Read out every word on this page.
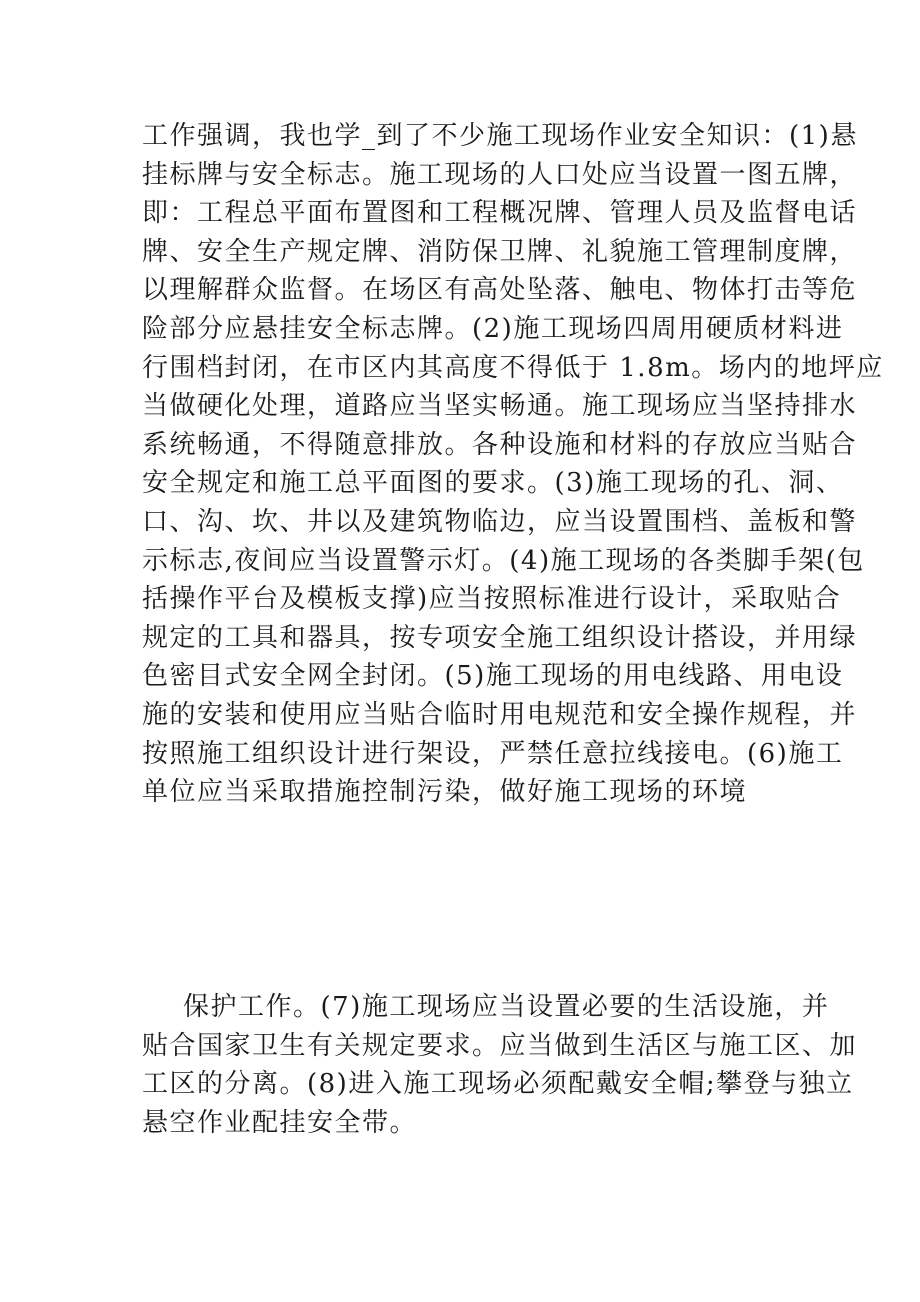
工作强调，我也学_到了不少施工现场作业安全知识：(1)悬
挂标牌与安全标志。施工现场的人口处应当设置一图五牌，
即：工程总平面布置图和工程概况牌、管理人员及监督电话
牌、安全生产规定牌、消防保卫牌、礼貌施工管理制度牌，
以理解群众监督。在场区有高处坠落、触电、物体打击等危
险部分应悬挂安全标志牌。(2)施工现场四周用硬质材料进
行围档封闭，在市区内其高度不得低于 1.8m。场内的地坪应
当做硬化处理，道路应当坚实畅通。施工现场应当坚持排水
系统畅通，不得随意排放。各种设施和材料的存放应当贴合
安全规定和施工总平面图的要求。(3)施工现场的孔、洞、
口、沟、坎、井以及建筑物临边，应当设置围档、盖板和警
示标志,夜间应当设置警示灯。(4)施工现场的各类脚手架(包
括操作平台及模板支撑)应当按照标准进行设计，采取贴合
规定的工具和器具，按专项安全施工组织设计搭设，并用绿
色密目式安全网全封闭。(5)施工现场的用电线路、用电设
施的安装和使用应当贴合临时用电规范和安全操作规程，并
按照施工组织设计进行架设，严禁任意拉线接电。(6)施工
单位应当采取措施控制污染，做好施工现场的环境
保护工作。(7)施工现场应当设置必要的生活设施，并
贴合国家卫生有关规定要求。应当做到生活区与施工区、加
工区的分离。(8)进入施工现场必须配戴安全帽;攀登与独立
悬空作业配挂安全带。
